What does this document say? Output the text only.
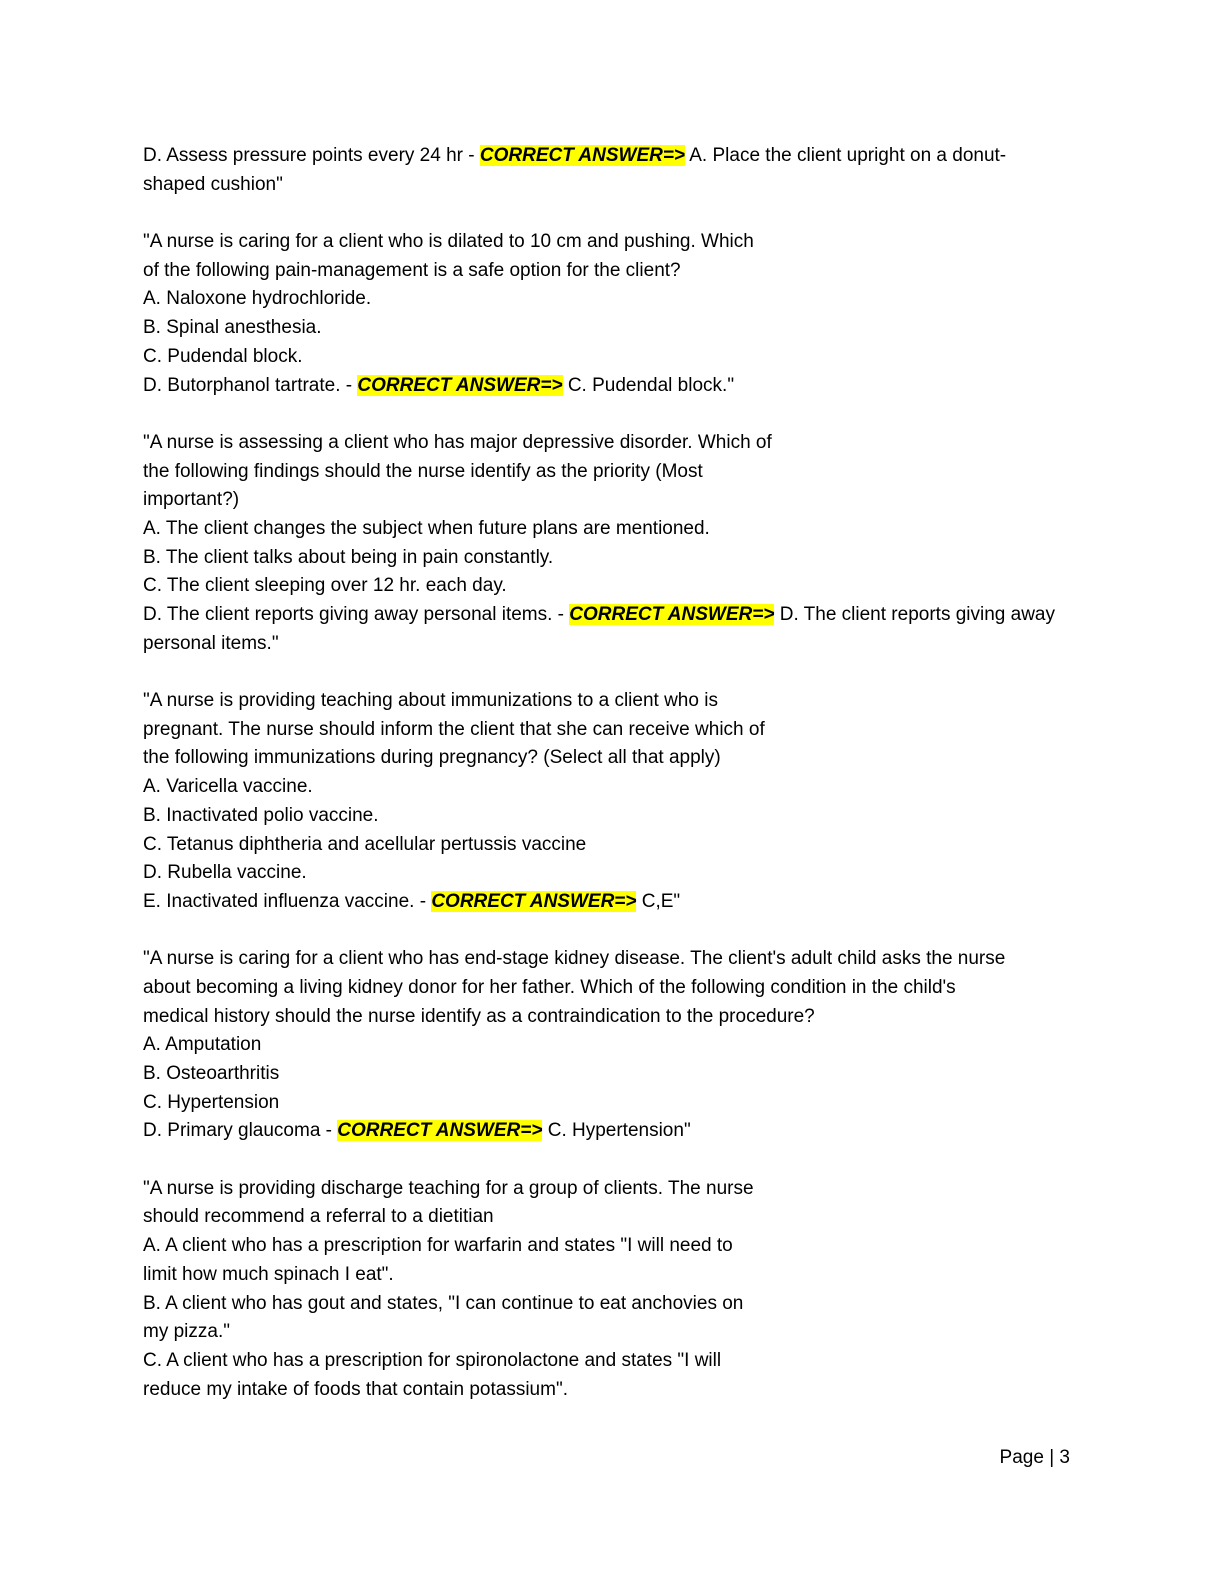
D. Assess pressure points every 24 hr - CORRECT ANSWER=> A. Place the client upright on a donut-
shaped cushion"
"A nurse is caring for a client who is dilated to 10 cm and pushing. Which
of the following pain-management is a safe option for the client?
A. Naloxone hydrochloride.
B. Spinal anesthesia.
C. Pudendal block.
D. Butorphanol tartrate. - CORRECT ANSWER=> C. Pudendal block."
"A nurse is assessing a client who has major depressive disorder. Which of
the following findings should the nurse identify as the priority (Most
important?)
A. The client changes the subject when future plans are mentioned.
B. The client talks about being in pain constantly.
C. The client sleeping over 12 hr. each day.
D. The client reports giving away personal items. - CORRECT ANSWER=> D. The client reports giving away
personal items."
"A nurse is providing teaching about immunizations to a client who is
pregnant. The nurse should inform the client that she can receive which of
the following immunizations during pregnancy? (Select all that apply)
A. Varicella vaccine.
B. Inactivated polio vaccine.
C. Tetanus diphtheria and acellular pertussis vaccine
D. Rubella vaccine.
E. Inactivated influenza vaccine. - CORRECT ANSWER=> C,E"
"A nurse is caring for a client who has end-stage kidney disease. The client's adult child asks the nurse
about becoming a living kidney donor for her father. Which of the following condition in the child's
medical history should the nurse identify as a contraindication to the procedure?
A. Amputation
B. Osteoarthritis
C. Hypertension
D. Primary glaucoma - CORRECT ANSWER=> C. Hypertension"
"A nurse is providing discharge teaching for a group of clients. The nurse
should recommend a referral to a dietitian
A. A client who has a prescription for warfarin and states "I will need to
limit how much spinach I eat".
B. A client who has gout and states, "I can continue to eat anchovies on
my pizza."
C. A client who has a prescription for spironolactone and states "I will
reduce my intake of foods that contain potassium".
Page | 3
